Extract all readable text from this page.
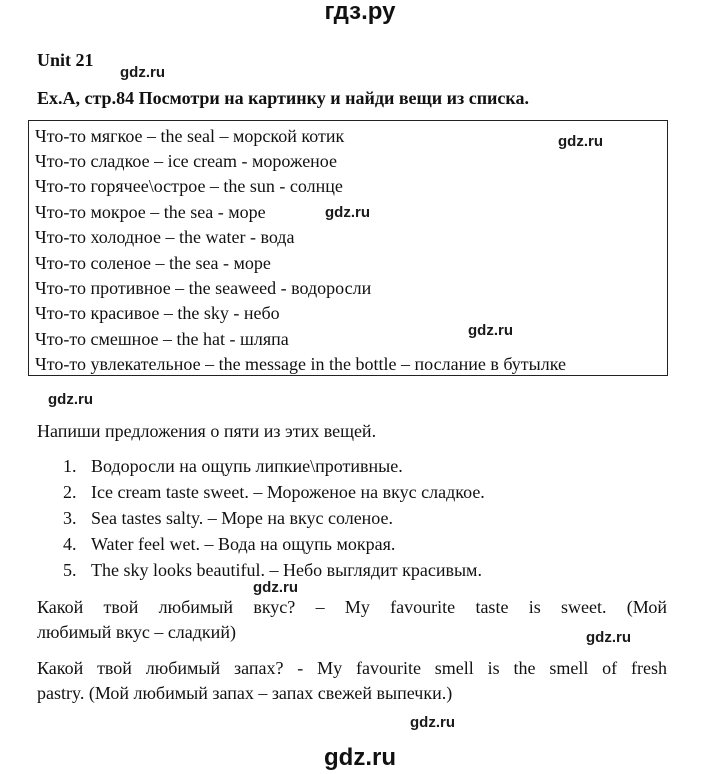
гдз.ру
Unit 21
gdz.ru
Ex.A, стр.84 Посмотри на картинку и найди вещи из списка.
Что-то мягкое – the seal – морской котик
Что-то сладкое – ice cream - мороженое
Что-то горячее\острое – the sun - солнце
Что-то мокрое – the sea - море
Что-то холодное – the water - вода
Что-то соленое – the sea - море
Что-то противное – the seaweed - водоросли
Что-то красивое – the sky - небо
Что-то смешное – the hat - шляпа
Что-то увлекательное – the message in the bottle – послание в бутылке
gdz.ru
gdz.ru
gdz.ru
gdz.ru
Напиши предложения о пяти из этих вещей.
1. Водоросли на ощупь липкие\противные.
2. Ice cream taste sweet. – Мороженое на вкус сладкое.
3. Sea tastes salty. – Море на вкус соленое.
4. Water feel wet. – Вода на ощупь мокрая.
5. The sky looks beautiful. – Небо выглядит красивым.
gdz.ru
Какой твой любимый вкус? – My favourite taste is sweet. (Мой
любимый вкус – сладкий)	gdz.ru
Какой твой любимый запах? - My favourite smell is the smell of fresh
pastry. (Мой любимый запах – запах свежей выпечки.)
gdz.ru
gdz.ru
